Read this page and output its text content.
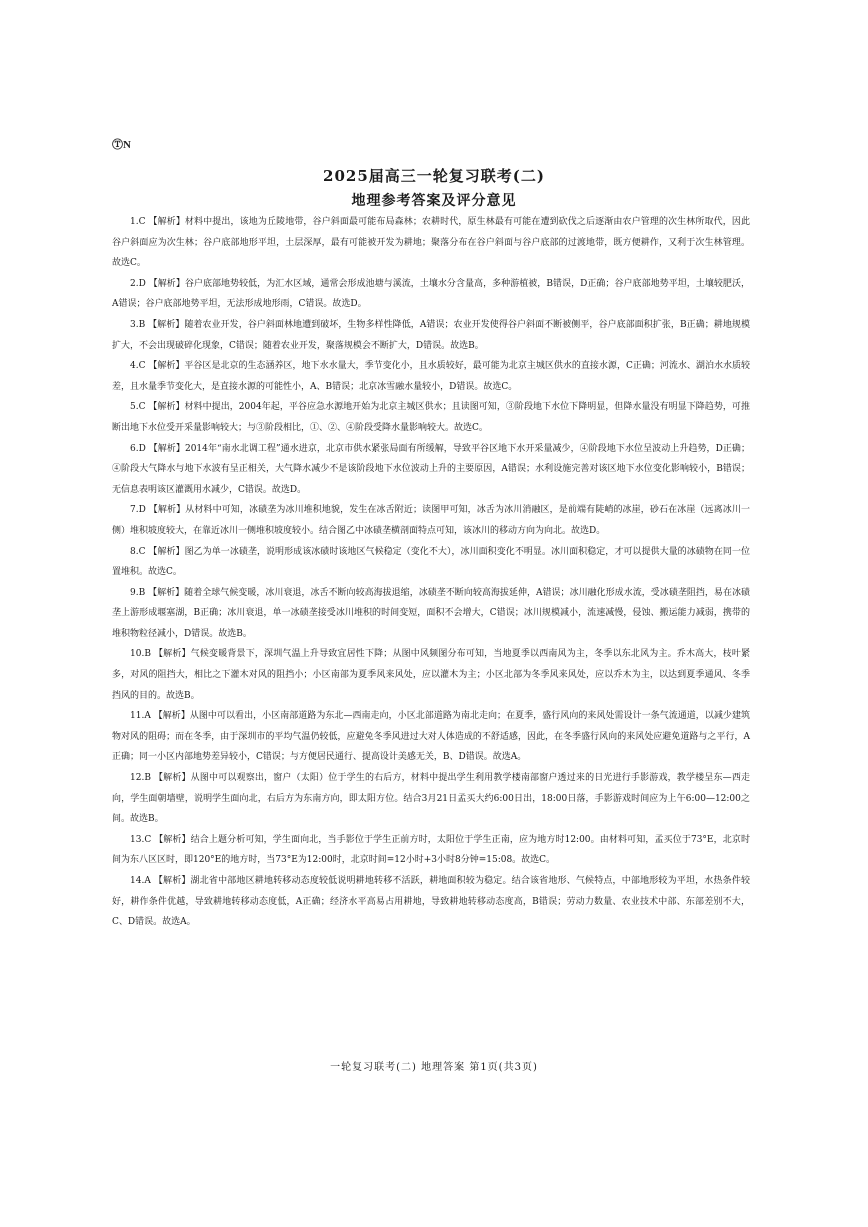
ⓉN
2025届高三一轮复习联考(二)
地理参考答案及评分意见

1.C 【解析】材料中提出，该地为丘陵地带，谷户斜面最可能布局森林；农耕时代，原生林最有可能在遭到砍伐之后逐渐由农户管理的次生林所取代，因此谷户斜面应为次生林；谷户底部地形平坦，土层深厚，最有可能被开发为耕地；聚落分布在谷户斜面与谷户底部的过渡地带，既方便耕作，又利于次生林管理。故选C。

2.D 【解析】谷户底部地势较低，为汇水区域，通常会形成池塘与溪流，土壤水分含量高，多种游植被，B错误，D正确；谷户底部地势平坦，土壤较肥沃，A错误；谷户底部地势平坦，无法形成地形雨，C错误。故选D。

3.B 【解析】随着农业开发，谷户斜面林地遭到破坏，生物多样性降低，A错误；农业开发使得谷户斜面不断被侧平，谷户底部面积扩张，B正确；耕地规模扩大，不会出现破碎化现象，C错误；随着农业开发，聚落规模会不断扩大，D错误。故选B。

4.C 【解析】平谷区是北京的生态涵养区，地下水水量大，季节变化小，且水质较好，最可能为北京主城区供水的直接水源，C正确；河流水、湖泊水水质较差，且水量季节变化大，是直接水源的可能性小，A、B错误；北京冰雪融水量较小，D错误。故选C。

5.C 【解析】材料中提出，2004年起，平谷应急水源地开始为北京主城区供水；且读图可知，③阶段地下水位下降明显，但降水量没有明显下降趋势，可推断出地下水位受开采量影响较大；与③阶段相比，①、②、④阶段受降水量影响较大。故选C。

6.D 【解析】2014年“南水北调工程”通水进京，北京市供水紧张局面有所缓解，导致平谷区地下水开采量减少，④阶段地下水位呈波动上升趋势，D正确；④阶段大气降水与地下水波有呈正相关，大气降水减少不是该阶段地下水位波动上升的主要原因，A错误；水利设施完善对该区地下水位变化影响较小，B错误；无信息表明该区灌溉用水减少，C错误。故选D。

7.D 【解析】从材料中可知，冰碛垄为冰川堆积地貌，发生在冰舌附近；读图甲可知，冰舌为冰川消融区，是前端有陡峭的冰崖，砂石在冰崖（远离冰川一侧）堆积坡度较大，在靠近冰川一侧堆积坡度较小。结合图乙中冰碛垄横剖面特点可知，该冰川的移动方向为向北。故选D。

8.C 【解析】图乙为单一冰碛垄，说明形成该冰碛时该地区气候稳定（变化不大），冰川面积变化不明显。冰川面积稳定，才可以提供大量的冰碛物在同一位置堆积。故选C。

9.B 【解析】随着全球气候变暖，冰川衰退，冰舌不断向较高海拔退缩，冰碛垄不断向较高海拔延伸，A错误；冰川融化形成水流，受冰碛垄阻挡，易在冰碛垄上游形成堰塞湖，B正确；冰川衰退，单一冰碛垄接受冰川堆积的时间变短，面积不会增大，C错误；冰川规模减小，流速减慢，侵蚀、搬运能力减弱，携带的堆积物粒径减小，D错误。故选B。

10.B 【解析】气候变暖背景下，深圳气温上升导致宜居性下降；从图中风频图分布可知，当地夏季以西南风为主，冬季以东北风为主。乔木高大，枝叶紧多，对风的阻挡大，相比之下灌木对风的阻挡小；小区南部为夏季风来风处，应以灌木为主；小区北部为冬季风来风处，应以乔木为主，以达到夏季通风、冬季挡风的目的。故选B。

11.A 【解析】从图中可以看出，小区南部道路为东北—西南走向，小区北部道路为南北走向；在夏季，盛行风向的来风处需设计一条气流通道，以减少建筑物对风的阻碍；而在冬季，由于深圳市的平均气温仍较低，应避免冬季风进过大对人体造成的不舒适感，因此，在冬季盛行风向的来风处应避免道路与之平行，A正确；同一小区内部地势差异较小，C错误；与方便居民通行、提高设计美感无关，B、D错误。故选A。

12.B 【解析】从图中可以观察出，窗户（太阳）位于学生的右后方，材料中提出学生利用教学楼南部窗户透过来的日光进行手影游戏，教学楼呈东—西走向，学生面朝墙壁，说明学生面向北，右后方为东南方向，即太阳方位。结合3月21日孟买大约6:00日出，18:00日落，手影游戏时间应为上午6:00—12:00之间。故选B。

13.C 【解析】结合上题分析可知，学生面向北，当手影位于学生正前方时，太阳位于学生正南，应为地方时12:00。由材料可知，孟买位于73°E，北京时间为东八区区时，即120°E的地方时，当73°E为12:00时，北京时间=12小时+3小时8分钟=15:08。故选C。

14.A 【解析】湖北省中部地区耕地转移动态度较低说明耕地转移不活跃，耕地面积较为稳定。结合该省地形、气候特点，中部地形较为平坦，水热条件较好，耕作条件优越，导致耕地转移动态度低，A正确；经济水平高易占用耕地，导致耕地转移动态度高，B错误；劳动力数量、农业技术中部、东部差别不大，C、D错误。故选A。

一轮复习联考(二) 地理答案 第1页(共3页)
